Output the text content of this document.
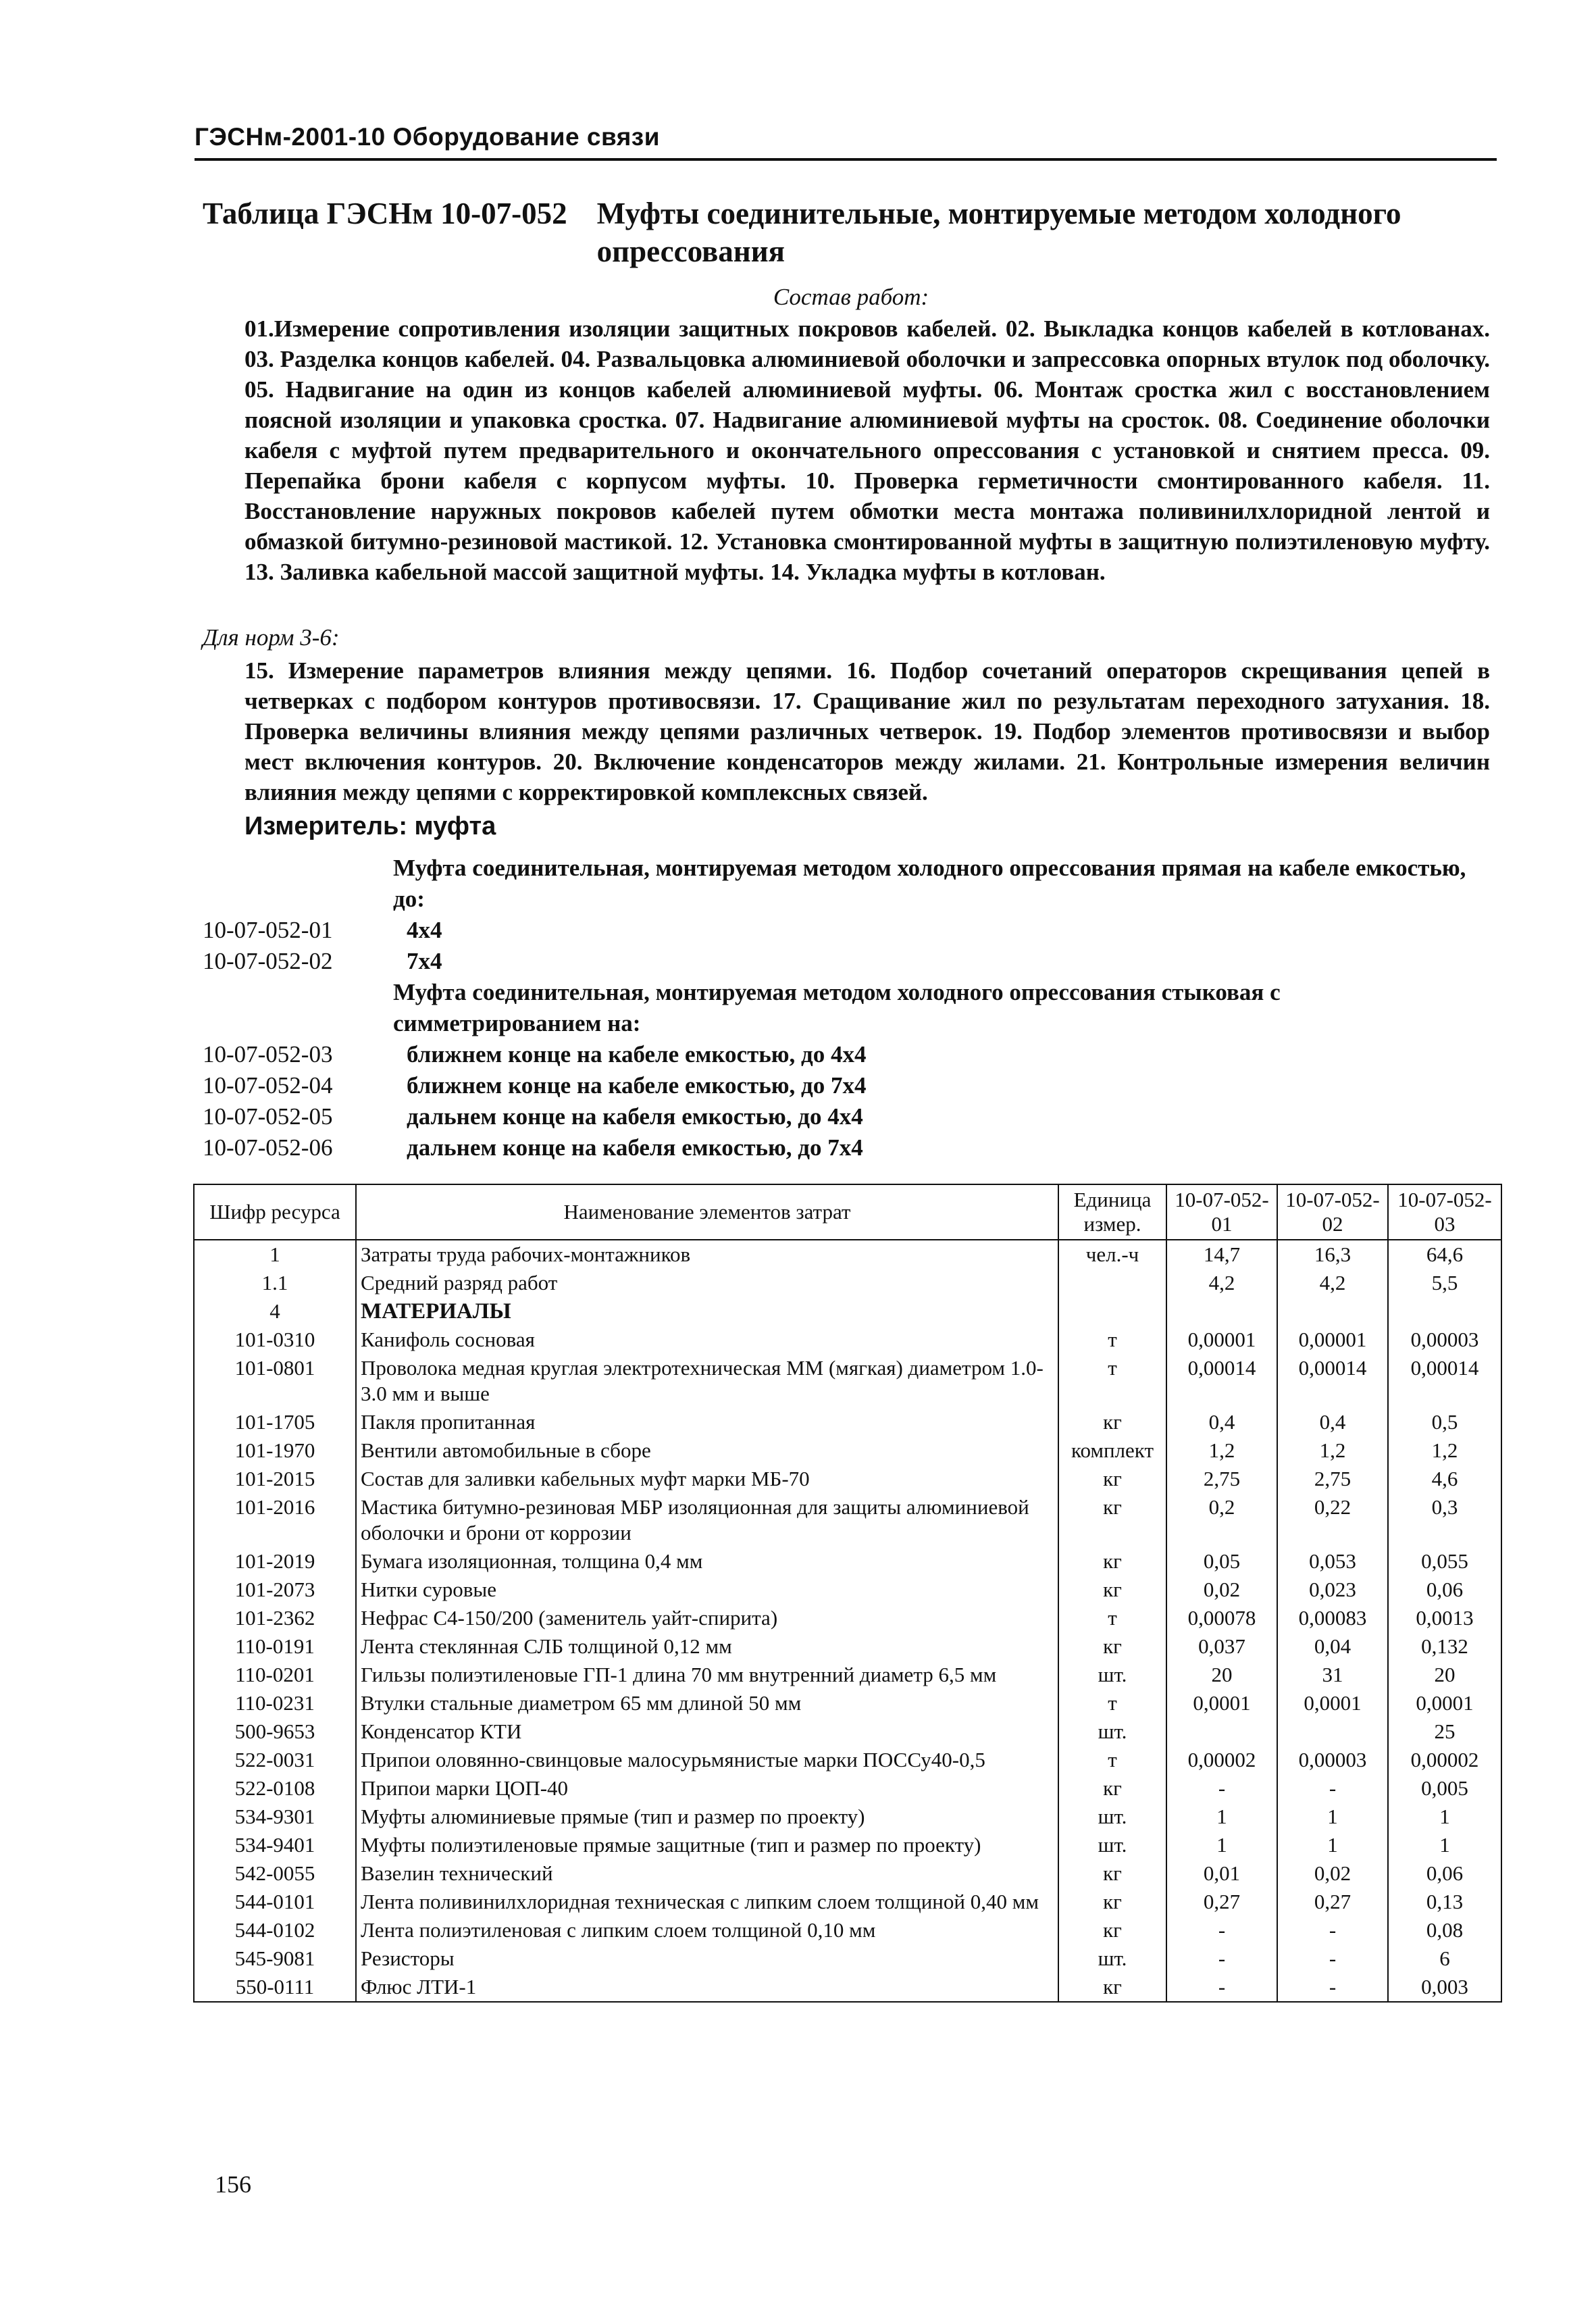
ГЭСНм-2001-10 Оборудование связи
Таблица ГЭСНм 10-07-052 Муфты соединительные, монтируемые методом холодного опрессования
Состав работ:
01.Измерение сопротивления изоляции защитных покровов кабелей. 02. Выкладка концов кабелей в котлованах. 03. Разделка концов кабелей. 04. Развальцовка алюминиевой оболочки и запрессовка опорных втулок под оболочку. 05. Надвигание на один из концов кабелей алюминиевой муфты. 06. Монтаж сростка жил с восстановлением поясной изоляции и упаковка сростка. 07. Надвигание алюминиевой муфты на сросток. 08. Соединение оболочки кабеля с муфтой путем предварительного и окончательного опрессования с установкой и снятием пресса. 09. Перепайка брони кабеля с корпусом муфты. 10. Проверка герметичности смонтированного кабеля. 11. Восстановление наружных покровов кабелей путем обмотки места монтажа поливинилхлоридной лентой и обмазкой битумно-резиновой мастикой. 12. Установка смонтированной муфты в защитную полиэтиленовую муфту. 13. Заливка кабельной массой защитной муфты. 14. Укладка муфты в котлован.
Для норм 3-6:
15. Измерение параметров влияния между цепями. 16. Подбор сочетаний операторов скрещивания цепей в четверках с подбором контуров противосвязи. 17. Сращивание жил по результатам переходного затухания. 18. Проверка величины влияния между цепями различных четверок. 19. Подбор элементов противосвязи и выбор мест включения контуров. 20. Включение конденсаторов между жилами. 21. Контрольные измерения величин влияния между цепями с корректировкой комплексных связей.
Измеритель: муфта
Муфта соединительная, монтируемая методом холодного опрессования прямая на кабеле емкостью, до:
10-07-052-01	4x4
10-07-052-02	7x4
Муфта соединительная, монтируемая методом холодного опрессования стыковая с симметрированием на:
10-07-052-03	ближнем конце на кабеле емкостью, до 4x4
10-07-052-04	ближнем конце на кабеле емкостью, до 7x4
10-07-052-05	дальнем конце на кабеля емкостью, до 4x4
10-07-052-06	дальнем конце на кабеля емкостью, до 7x4
Шифр ресурса	Наименование элементов затрат	Единица измер.	10-07-052-01	10-07-052-02	10-07-052-03
1	Затраты труда рабочих-монтажников	чел.-ч	14,7	16,3	64,6
1.1	Средний разряд работ		4,2	4,2	5,5
4	МАТЕРИАЛЫ				
101-0310	Канифоль сосновая	т	0,00001	0,00001	0,00003
101-0801	Проволока медная круглая электротехническая ММ (мягкая) диаметром 1.0-3.0 мм и выше	т	0,00014	0,00014	0,00014
101-1705	Пакля пропитанная	кг	0,4	0,4	0,5
101-1970	Вентили автомобильные в сборе	комплект	1,2	1,2	1,2
101-2015	Состав для заливки кабельных муфт марки МБ-70	кг	2,75	2,75	4,6
101-2016	Мастика битумно-резиновая МБР изоляционная для защиты алюминиевой оболочки и брони от коррозии	кг	0,2	0,22	0,3
101-2019	Бумага изоляционная, толщина 0,4 мм	кг	0,05	0,053	0,055
101-2073	Нитки суровые	кг	0,02	0,023	0,06
101-2362	Нефрас С4-150/200 (заменитель уайт-спирита)	т	0,00078	0,00083	0,0013
110-0191	Лента стеклянная СЛБ толщиной 0,12 мм	кг	0,037	0,04	0,132
110-0201	Гильзы полиэтиленовые ГП-1 длина 70 мм внутренний диаметр 6,5 мм	шт.	20	31	20
110-0231	Втулки стальные диаметром 65 мм длиной 50 мм	т	0,0001	0,0001	0,0001
500-9653	Конденсатор КТИ	шт.			25
522-0031	Припои оловянно-свинцовые малосурьмянистые марки ПОССу40-0,5	т	0,00002	0,00003	0,00002
522-0108	Припои марки ЦОП-40	кг	-	-	0,005
534-9301	Муфты алюминиевые прямые (тип и размер по проекту)	шт.	1	1	1
534-9401	Муфты полиэтиленовые прямые защитные (тип и размер по проекту)	шт.	1	1	1
542-0055	Вазелин технический	кг	0,01	0,02	0,06
544-0101	Лента поливинилхлоридная техническая с липким слоем толщиной 0,40 мм	кг	0,27	0,27	0,13
544-0102	Лента полиэтиленовая с липким слоем толщиной 0,10 мм	кг	-	-	0,08
545-9081	Резисторы	шт.	-	-	6
550-0111	Флюс ЛТИ-1	кг	-	-	0,003
156
